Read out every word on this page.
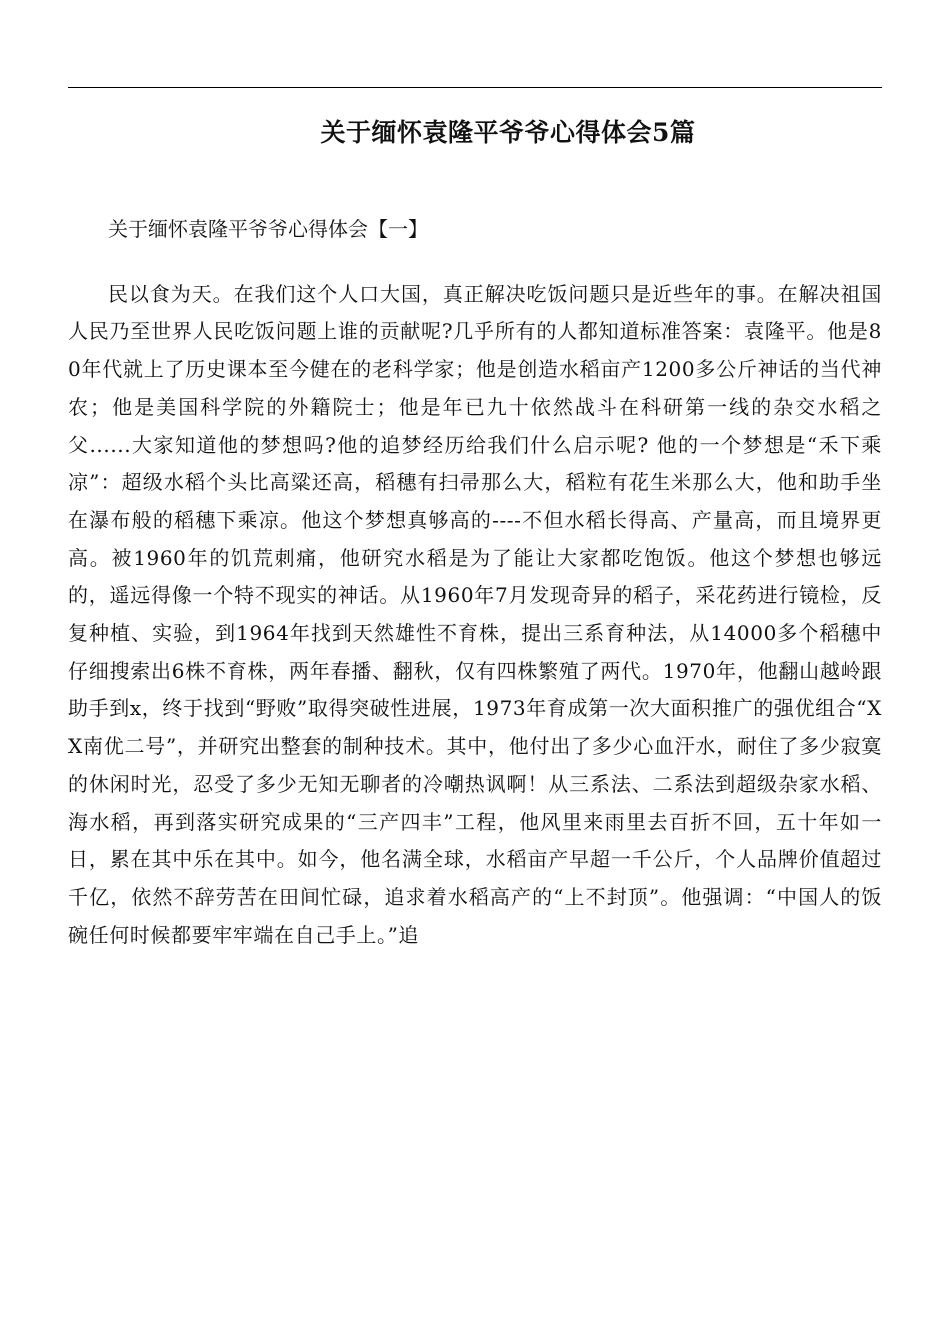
关于缅怀袁隆平爷爷心得体会5篇
关于缅怀袁隆平爷爷心得体会【一】

民以食为天。在我们这个人口大国，真正解决吃饭问题只是近些年的事。在解决祖国人民乃至世界人民吃饭问题上谁的贡献呢?几乎所有的人都知道标准答案：袁隆平。他是80年代就上了历史课本至今健在的老科学家；他是创造水稻亩产1200多公斤神话的当代神农；他是美国科学院的外籍院士；他是年已九十依然战斗在科研第一线的杂交水稻之父......大家知道他的梦想吗?他的追梦经历给我们什么启示呢? 他的一个梦想是“禾下乘凉”：超级水稻个头比高粱还高，稻穗有扫帚那么大，稻粒有花生米那么大，他和助手坐在瀑布般的稻穗下乘凉。他这个梦想真够高的----不但水稻长得高、产量高，而且境界更高。被1960年的饥荒刺痛，他研究水稻是为了能让大家都吃饱饭。他这个梦想也够远的，遥远得像一个特不现实的神话。从1960年7月发现奇异的稻子，采花药进行镜检，反复种植、实验，到1964年找到天然雄性不育株，提出三系育种法，从14000多个稻穗中仔细搜索出6株不育株，两年春播、翻秋，仅有四株繁殖了两代。1970年，他翻山越岭跟助手到x，终于找到“野败”取得突破性进展，1973年育成第一次大面积推广的强优组合“XX南优二号”，并研究出整套的制种技术。其中，他付出了多少心血汗水，耐住了多少寂寞的休闲时光，忍受了多少无知无聊者的冷嘲热讽啊！从三系法、二系法到超级杂家水稻、海水稻，再到落实研究成果的“三产四丰”工程，他风里来雨里去百折不回，五十年如一日，累在其中乐在其中。如今，他名满全球，水稻亩产早超一千公斤，个人品牌价值超过千亿，依然不辞劳苦在田间忙碌，追求着水稻高产的“上不封顶”。他强调：“中国人的饭碗任何时候都要牢牢端在自己手上。”追
